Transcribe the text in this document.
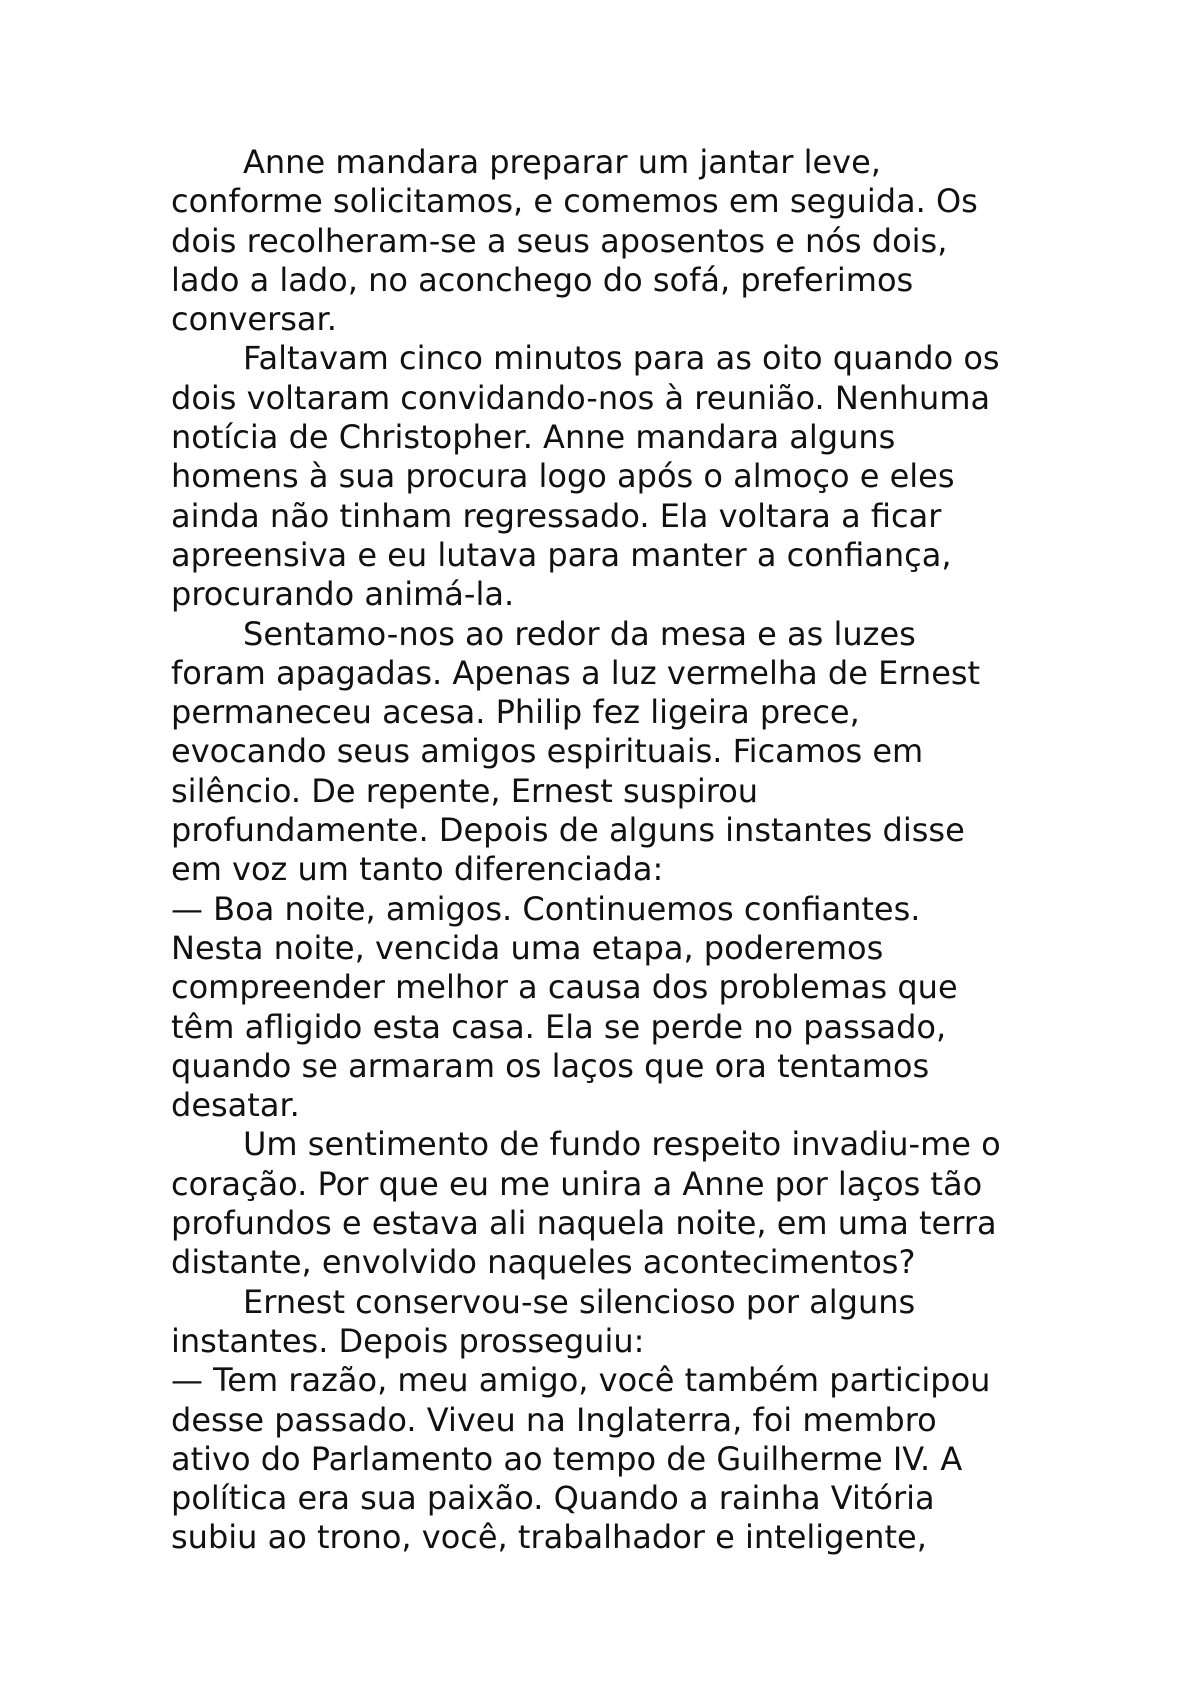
Anne mandara preparar um jantar leve,
conforme solicitamos, e comemos em seguida. Os
dois recolheram-se a seus aposentos e nós dois,
lado a lado, no aconchego do sofá, preferimos
conversar.
Faltavam cinco minutos para as oito quando os
dois voltaram convidando-nos à reunião. Nenhuma
notícia de Christopher. Anne mandara alguns
homens à sua procura logo após o almoço e eles
ainda não tinham regressado. Ela voltara a ficar
apreensiva e eu lutava para manter a confiança,
procurando animá-la.
Sentamo-nos ao redor da mesa e as luzes
foram apagadas. Apenas a luz vermelha de Ernest
permaneceu acesa. Philip fez ligeira prece,
evocando seus amigos espirituais. Ficamos em
silêncio. De repente, Ernest suspirou
profundamente. Depois de alguns instantes disse
em voz um tanto diferenciada:
— Boa noite, amigos. Continuemos confiantes.
Nesta noite, vencida uma etapa, poderemos
compreender melhor a causa dos problemas que
têm afligido esta casa. Ela se perde no passado,
quando se armaram os laços que ora tentamos
desatar.
Um sentimento de fundo respeito invadiu-me o
coração. Por que eu me unira a Anne por laços tão
profundos e estava ali naquela noite, em uma terra
distante, envolvido naqueles acontecimentos?
Ernest conservou-se silencioso por alguns
instantes. Depois prosseguiu:
— Tem razão, meu amigo, você também participou
desse passado. Viveu na Inglaterra, foi membro
ativo do Parlamento ao tempo de Guilherme IV. A
política era sua paixão. Quando a rainha Vitória
subiu ao trono, você, trabalhador e inteligente,
